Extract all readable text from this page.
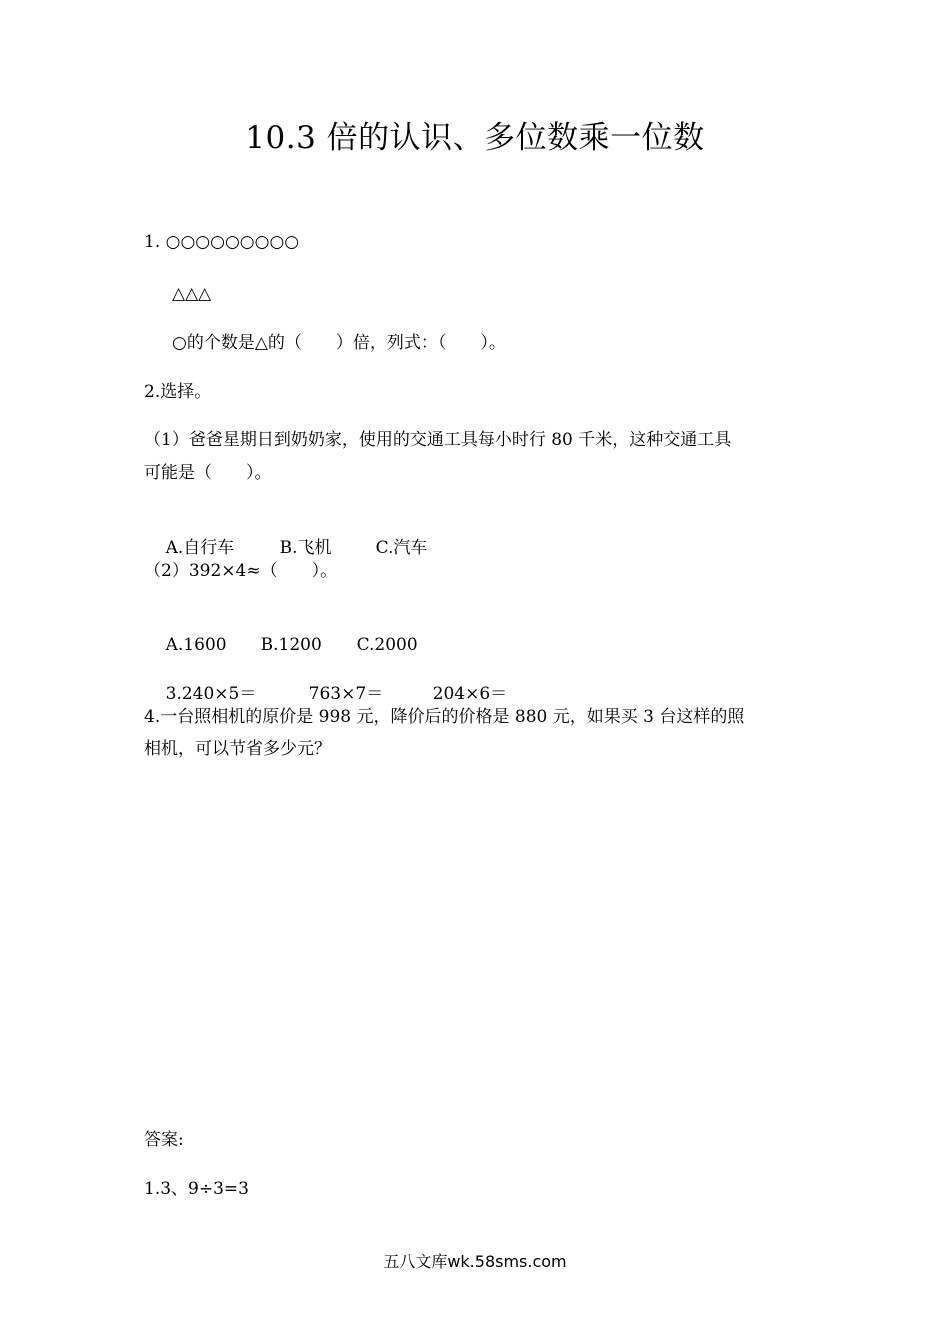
10.3 倍的认识、多位数乘一位数
1. ○○○○○○○○○
△△△
○的个数是△的（　　）倍，列式：（　　）。
2.选择。
（1）爸爸星期日到奶奶家，使用的交通工具每小时行 80 千米，这种交通工具
可能是（　　）。

A.自行车	B.飞机	C.汽车

（2）392×4≈（　　）。

A.1600 B.1200 C.2000

3.240×5＝	763×7＝	204×6＝

4.一台照相机的原价是 998 元，降价后的价格是 880 元，如果买 3 台这样的照
相机，可以节省多少元？
答案:
1.3、9÷3=3
五八文库wk.58sms.com
